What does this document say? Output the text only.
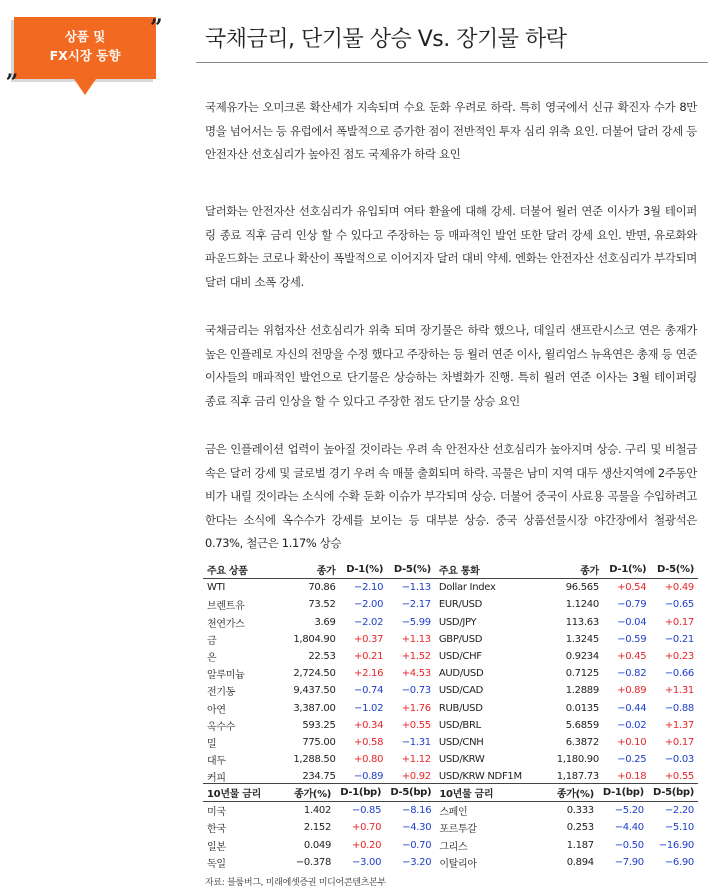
상품 및
FX시장 동향
”
„
국채금리, 단기물 상승 Vs. 장기물 하락
국제유가는 오미크론 확산세가 지속되며 수요 둔화 우려로 하락. 특히 영국에서 신규 확진자 수가 8만명을 넘어서는 등 유럽에서 폭발적으로 증가한 점이 전반적인 투자 심리 위축 요인. 더불어 달러 강세 등 안전자산 선호심리가 높아진 점도 국제유가 하락 요인
달러화는 안전자산 선호심리가 유입되며 여타 환율에 대해 강세. 더불어 월러 연준 이사가 3월 테이퍼링 종료 직후 금리 인상 할 수 있다고 주장하는 등 매파적인 발언 또한 달러 강세 요인. 반면, 유로화와 파운드화는 코로나 확산이 폭발적으로 이어지자 달러 대비 약세. 엔화는 안전자산 선호심리가 부각되며 달러 대비 소폭 강세.
국채금리는 위험자산 선호심리가 위축 되며 장기물은 하락 했으나, 데일리 샌프란시스코 연은 총재가 높은 인플레로 자신의 전망을 수정 했다고 주장하는 등 월러 연준 이사, 윌리엄스 뉴욕연은 총재 등 연준 이사들의 매파적인 발언으로 단기물은 상승하는 차별화가 진행. 특히 월러 연준 이사는 3월 테이퍼링 종료 직후 금리 인상을 할 수 있다고 주장한 점도 단기물 상승 요인
금은 인플레이션 업력이 높아질 것이라는 우려 속 안전자산 선호심리가 높아지며 상승. 구리 및 비철금속은 달러 강세 및 글로벌 경기 우려 속 매물 출회되며 하락. 곡물은 남미 지역 대두 생산지역에 2주동안 비가 내릴 것이라는 소식에 수확 둔화 이슈가 부각되며 상승. 더불어 중국이 사료용 곡물을 수입하려고 한다는 소식에 옥수수가 강세를 보이는 등 대부분 상승. 중국 상품선물시장 야간장에서 철광석은 0.73%, 철근은 1.17% 상승
주요 상품	종가	D-1(%)	D-5(%)	주요 통화	종가	D-1(%)	D-5(%)
WTI	70.86	−2.10	−1.13	Dollar Index	96.565	+0.54	+0.49
브렌트유	73.52	−2.00	−2.17	EUR/USD	1.1240	−0.79	−0.65
천연가스	3.69	−2.02	−5.99	USD/JPY	113.63	−0.04	+0.17
금	1,804.90	+0.37	+1.13	GBP/USD	1.3245	−0.59	−0.21
은	22.53	+0.21	+1.52	USD/CHF	0.9234	+0.45	+0.23
알루미늄	2,724.50	+2.16	+4.53	AUD/USD	0.7125	−0.82	−0.66
전기동	9,437.50	−0.74	−0.73	USD/CAD	1.2889	+0.89	+1.31
아연	3,387.00	−1.02	+1.76	RUB/USD	0.0135	−0.44	−0.88
옥수수	593.25	+0.34	+0.55	USD/BRL	5.6859	−0.02	+1.37
밀	775.00	+0.58	−1.31	USD/CNH	6.3872	+0.10	+0.17
대두	1,288.50	+0.80	+1.12	USD/KRW	1,180.90	−0.25	−0.03
커피	234.75	−0.89	+0.92	USD/KRW NDF1M	1,187.73	+0.18	+0.55
10년물 금리	종가(%)	D-1(bp)	D-5(bp)	10년물 금리	종가(%)	D-1(bp)	D-5(bp)
미국	1.402	−0.85	−8.16	스페인	0.333	−5.20	−2.20
한국	2.152	+0.70	−4.30	포르투갈	0.253	−4.40	−5.10
일본	0.049	+0.20	−0.70	그리스	1.187	−0.50	−16.90
독일	−0.378	−3.00	−3.20	이탈리아	0.894	−7.90	−6.90
자료: 블룸버그, 미래에셋증권 미디어콘텐츠본부
